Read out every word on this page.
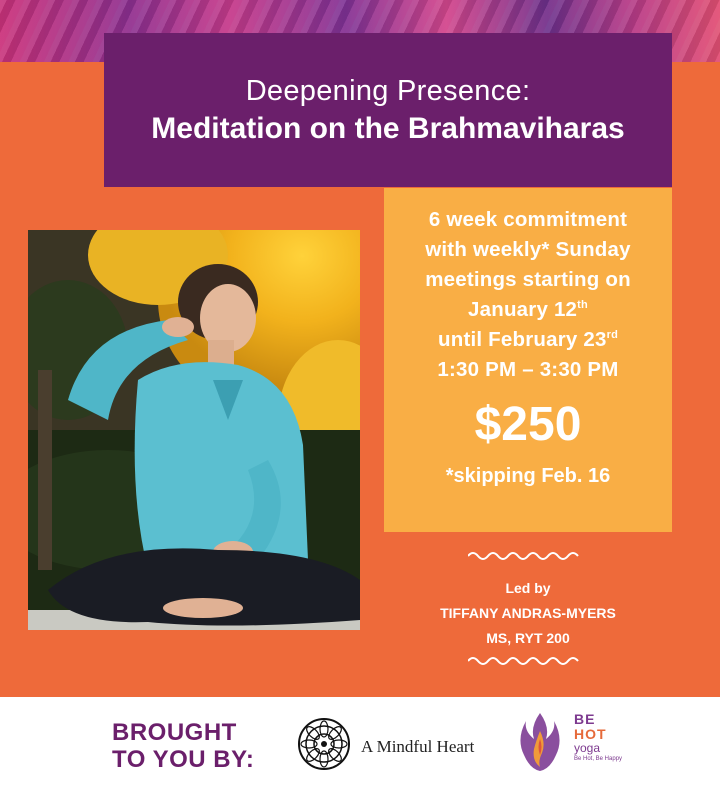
Deepening Presence:
Meditation on the Brahmaviharas
6 week commitment
with weekly* Sunday
meetings starting on
January 12th
until February 23rd
1:30 PM – 3:30 PM
$250
*skipping Feb. 16
Led by
TIFFANY ANDRAS-MYERS
MS, RYT 200
BROUGHT
TO YOU BY:	A Mindful Heart
BE
HOT
yoga
Be Hot, Be Happy
